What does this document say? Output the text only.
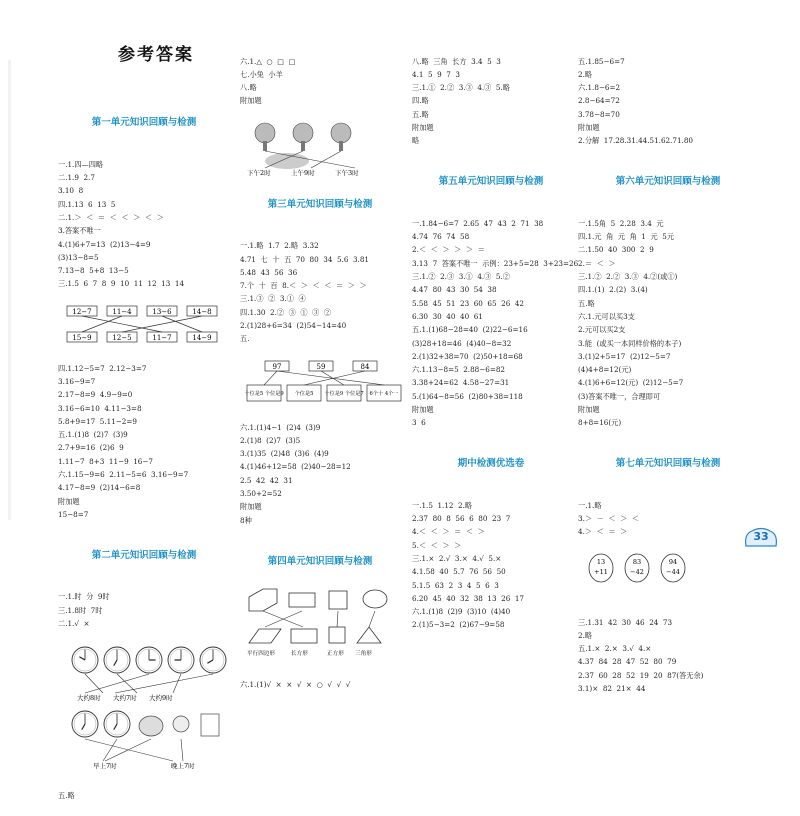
参考答案

第一单元知识回顾与检测

一.1.四—四略
二.1.9  2.7
3.10  8
四.1.13  6  13  5
二.1.＞  ＜  ＝  ＜  ＜  ＞  ＜  ＞
3.答案不唯一
4.(1)6+7=13  (2)13−4=9
(3)13−8=5
7.13−8  5+8  13−5
三.1.5  6  7  8  9  10  11  12  13  14

12−7
15−9
11−4
12−5
13−6
11−7
14−8
14−9

四.1.12−5=7  2.12−3=7
3.16−9=7
2.17−8=9  4.9−9=0
3.16−6=10  4.11−3=8
5.8+9=17  5.11−2=9
五.1.(1)8  (2)7  (3)9
2.7+9=16  (2)6  9
1.11−7  8+3  11−9  16−7
六.1.15−9=6  2.11−5=6  3.16−9=7
4.17−8=9  (2)14−6=8
附加题
15−8=7

第二单元知识回顾与检测

一.1.时  分  9时
三.1.8时  7时
二.1.√  ×

大约8时 大约7时 大约9时

早上7时	晚上7时

五.略

六.1.△  ○  □  □
七.小兔  小羊
八.略
附加题

下午2时	上午9时	下午3时

第三单元知识回顾与检测

一.1.略  1.7  2.略  3.32
4.71  七  十  五  70  80  34  5.6  3.81
5.48  43  56  36
7.个  十  百  8.＜  ＞  ＜  ＜  ＝  ＞  ＞
三.1.③  ②  3.①  ④
四.1.30  2.②  ③  ①  ③  ②
2.(1)28+6=34  (2)54−14=40
五.

97	59	84
十位是5 个位是9 个位是5 十位是9 个位是7 6个十 4个一

六.1.(1)4−1  (2)4  (3)9
2.(1)8  (2)7  (3)5
3.(1)35  (2)48  (3)6  (4)9
4.(1)46+12=58  (2)40−28=12
2.5  42  42  31
3.50+2=52
附加题
8种

第四单元知识回顾与检测

平行四边形	长方形	正方形 三角形

六.1.(1)√  ×  ×  √  ×  ○  √  √  √

八.略  三角  长方  3.4  5  3
4.1  5  9  7  3
三.1.①  2.②  3.③  4.③  5.略
四.略
五.略
附加题
略

第五单元知识回顾与检测

一.1.84−6=7  2.65  47  43  2  71  38
4.74  76  74  58
2.＜  ＜  ＞  ＞  ＞  ＝
3.13  7  答案不唯一  示例：23+5=28  3+23=26
三.1.②  2.③  3.①  4.③  5.②
4.47  80  43  30  54  38
5.58  45  51  23  60  65  26  42
6.30  30  40  40  61
五.1.(1)68−28=40  (2)22−6=16
(3)28+18=46  (4)40−8=32
2.(1)32+38=70  (2)50+18=68
六.1.13−8=5  2.88−6=82
3.38+24=62  4.58−27=31
5.(1)64−8=56  (2)80+38=118
附加题
3  6

期中检测优选卷

一.1.5  1.12  2.略
2.37  80  8  56  6  80  23  7
4.＜  ＜  ＞  ＝  ＜  ＞
5.＜  ＜  ＞  ＞
三.1.×  2.√  3.×  4.√  5.×
4.1.58  40  5.7  76  56  50
5.1.5  63  2  3  4  5  6  3
6.20  45  40  32  38  13  26  17
六.1.(1)8  (2)9  (3)10  (4)40
2.(1)5−3=2  (2)67−9=58

五.1.85−6=7
2.略
六.1.8−6=2
2.8−64=72
3.78−8=70
附加题
2.分解  17.28.31.44.51.62.71.80

第六单元知识回顾与检测

一.1.5角  5  2.28  3.4  元
四.1.元  角  元  角  1  元  5元
二.1.50  40  300  2  9
2.＝  ＜  ＞
三.1.②  2.②  3.③  4.②(或①)
四.1.(1)  2.(2)  3.(4)
五.略
六.1.元可以买3支
2.元可以买2支
3.能  (或买一本同样价格的本子)
3.(1)2+5=17  (2)12−5=7
(4)4+8=12(元)
4.(1)6+6=12(元)  (2)12−5=7
(3)答案不唯一，合理即可
附加题
8+8=16(元)

第七单元知识回顾与检测

一.1.略
3.＞  －  ＜  ＞  ＜
4.＞  ＜  ＝  ＞

13
+11
83
−42
94
−44

三.1.31  42  30  46  24  73
2.略
五.1.×  2.×  3.√  4.×
4.37  84  28  47  52  80  79
2.37  60  28  52  19  20  87(答无余)
3.1)×  82  21×  44

33
